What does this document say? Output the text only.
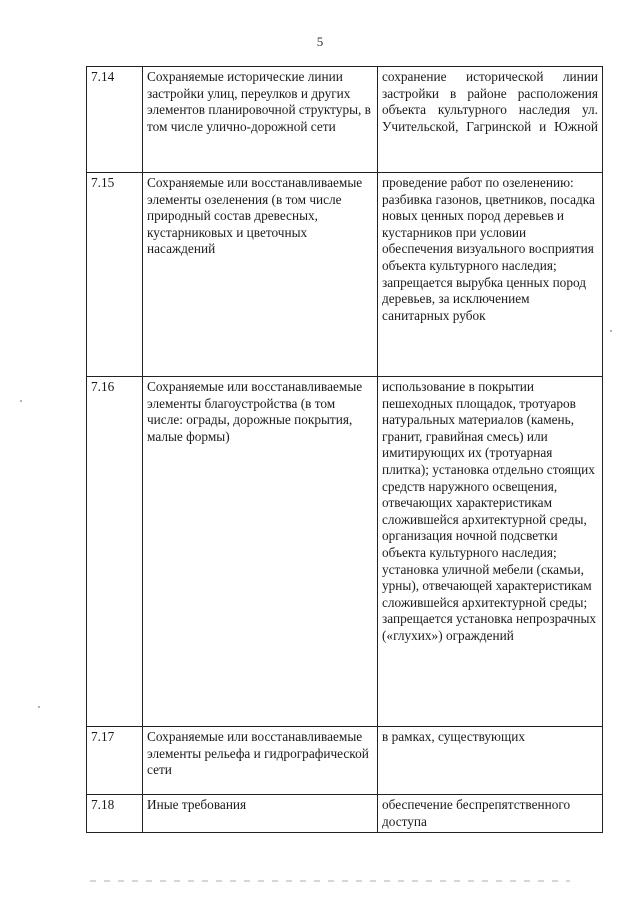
5
7.14	Сохраняемые исторические линии застройки улиц, переулков и других элементов планировочной структуры, в том числе улично-дорожной сети	сохранение исторической линии застройки в районе расположения объекта культурного наследия ул. Учительской, Гагринской и Южной
7.15	Сохраняемые или восстанавливаемые элементы озеленения (в том числе природный состав древесных, кустарниковых и цветочных насаждений	проведение работ по озеленению: разбивка газонов, цветников, посадка новых ценных пород деревьев и кустарников при условии обеспечения визуального восприятия объекта культурного наследия; запрещается вырубка ценных пород деревьев, за исключением санитарных рубок
7.16	Сохраняемые или восстанавливаемые элементы благоустройства (в том числе: ограды, дорожные покрытия, малые формы)	использование в покрытии пешеходных площадок, тротуаров натуральных материалов (камень, гранит, гравийная смесь) или имитирующих их (тротуарная плитка); установка отдельно стоящих средств наружного освещения, отвечающих характеристикам сложившейся архитектурной среды, организация ночной подсветки объекта культурного наследия; установка уличной мебели (скамьи, урны), отвечающей характеристикам сложившейся архитектурной среды; запрещается установка непрозрачных («глухих») ограждений
7.17	Сохраняемые или восстанавливаемые элементы рельефа и гидрографической сети	в рамках, существующих
7.18	Иные требования	обеспечение беспрепятственного доступа
